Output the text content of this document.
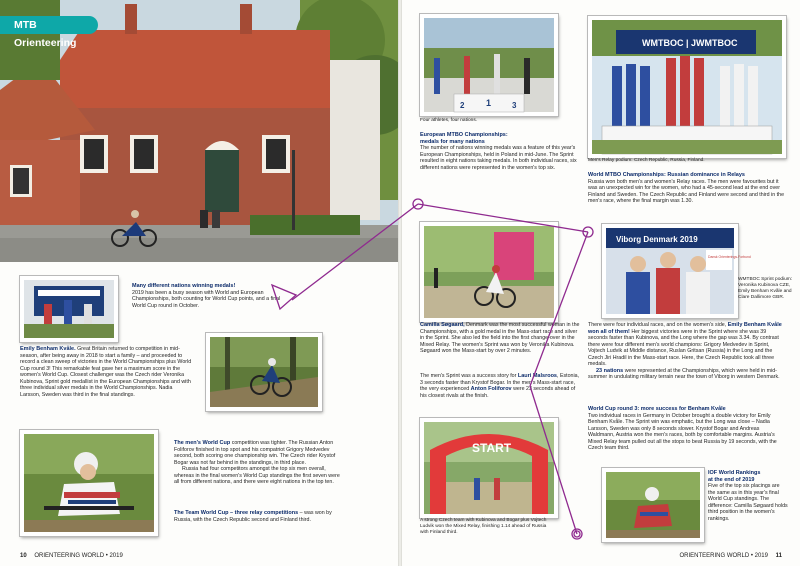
MTB Orienteering

Many different nations winning medals!
2019 has been a busy season with World and European Championships, both counting for World Cup points, and a final World Cup round in October.

Emily Benham Kvåle. Great Britain returned to competition in mid-season, after being away in 2018 to start a family – and proceeded to record a clean sweep of victories in the World Championships plus World Cup round 3! This remarkable feat gave her a maximum score in the women's World Cup. Closest challenger was the Czech rider Veronika Kubinova, Sprint gold medallist in the European Championships and with three individual silver medals in the World Championships. Nadia Larsson, Sweden was third in the final standings.

The men's World Cup competition was tighter. The Russian Anton Foliforov finished in top spot and his compatriot Grigory Medvedev second, both scoring one championship win. The Czech rider Krystof Bogar was not far behind in the standings, in third place.
Russia had four competitors amongst the top six men overall, whereas in the final women's World Cup standings the first seven were all from different nations, and there were eight nations in the top ten.

The Team World Cup – three relay competitions – was won by Russia, with the Czech Republic second and Finland third.

10 ORIENTEERING WORLD • 2019
2 1	3

Four athletes, four nations.

European MTBO Championships:
medals for many nations
The number of nations winning medals was a feature of this year's European Championships, held in Poland in mid-June. The Sprint resulted in eight nations taking medals. In both individual races, six different nations were represented in the women's top six.

WMTBOC | JWMTBOC

Men's Relay podium: Czech Republic, Russia, Finland.

World MTBO Championships: Russian dominance in Relays
Russia won both men's and women's Relay races. The men were favourites but it was an unexpected win for the women, who had a 45-second lead at the end over Finland and Sweden. The Czech Republic and Finland were second and third in the men's race, where the final margin was 1.30.

Camilla Søgaard, Denmark was the most successful woman in the Championships, with a gold medal in the Mass-start race and silver in the Sprint. She also led the field into the first change-over in the Mixed Relay. The women's Sprint was won by Veronika Kubinova. Søgaard won the Mass-start by over 2 minutes.

The men's Sprint was a success story for Lauri Malsroos, Estonia, 3 seconds faster than Krystof Bogar. In the men's Mass-start race, the very experienced Anton Foliforov were 23 seconds ahead of his closest rivals at the finish.

START

A strong Czech team with Kubinova and Bogar plus Vojtech Ludvik won the Mixed Relay, finishing 1.14 ahead of Russia with Finland third.

Viborg Denmark 2019
Dansk Orienterings-Forbund

WMTBOC Sprint podium: Veronika Kubinova CZE, Emily Benham Kvåle and Clare Dallimore GBR.

There were four individual races, and on the women's side, Emily Benham Kvåle won all of them! Her biggest victories were in the Sprint where she was 39 seconds faster than Kubinova, and the Long where the gap was 3.34. By contrast there were four different men's world champions: Grigory Medvedev in Sprint, Vojtech Ludvik at Middle distance, Ruslan Gritsan (Russia) in the Long and the Czech Jiri Hradil in the Mass-start race. Here, the Czech Republic took all three medals.
23 nations were represented at the Championships, which were held in mid-summer in undulating military terrain near the town of Viborg in western Denmark.

World Cup round 3: more success for Benham Kvåle
Two individual races in Germany in October brought a double victory for Emily Benham Kvåle. The Sprint win was emphatic, but the Long was close – Nadia Larsson, Sweden was only 8 seconds slower. Krystof Bogar and Andreas Waldmann, Austria won the men's races, both by comfortable margins. Austria's Mixed Relay team pulled out all the stops to beat Russia by 19 seconds, with the Czech team third.

IOF World Rankings
at the end of 2019
Five of the top six placings are the same as in this year's final World Cup standings. The difference: Camilla Søgaard holds third position in the women's rankings.

ORIENTEERING WORLD • 2019 11
